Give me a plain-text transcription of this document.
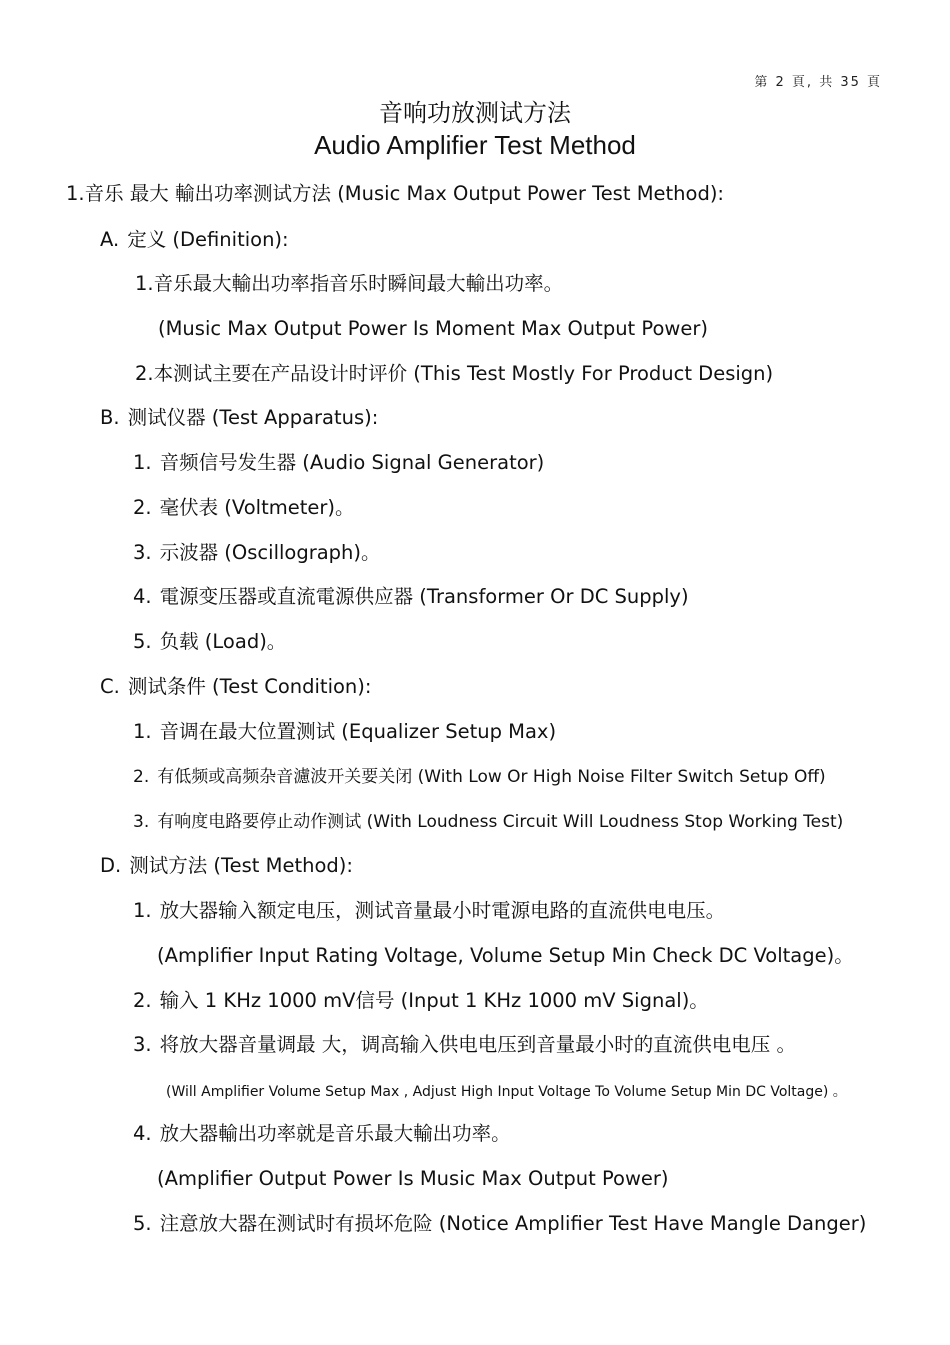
第 2 頁, 共 35 頁
音响功放测试方法
Audio Amplifier Test Method
1.音乐 最大 輸出功率测试方法 (Music Max Output Power Test Method):
A. 定义 (Definition):
1.音乐最大輸出功率指音乐时瞬间最大輸出功率。
(Music Max Output Power Is Moment Max Output Power)
2.本测试主要在产品设计时评价 (This Test Mostly For Product Design)
B. 测试仪器 (Test Apparatus):
1. 音频信号发生器 (Audio Signal Generator)
2. 毫伏表 (Voltmeter)。
3. 示波器 (Oscillograph)。
4. 電源变压器或直流電源供应器 (Transformer Or DC Supply)
5. 负载 (Load)。
C. 测试条件 (Test Condition):
1. 音调在最大位置测试 (Equalizer Setup Max)
2. 有低频或高频杂音濾波开关要关闭 (With Low Or High Noise Filter Switch Setup Off)
3. 有响度电路要停止动作测试 (With Loudness Circuit Will Loudness Stop Working Test)
D. 测试方法 (Test Method):
1. 放大器输入额定电压，测试音量最小时電源电路的直流供电电压。
(Amplifier Input Rating Voltage, Volume Setup Min Check DC Voltage)。
2. 输入 1 KHz 1000 mV信号 (Input 1 KHz 1000 mV Signal)。
3. 将放大器音量调最 大，调高输入供电电压到音量最小时的直流供电电压 。
(Will Amplifier Volume Setup Max , Adjust High Input Voltage To Volume Setup Min DC Voltage) 。
4. 放大器輸出功率就是音乐最大輸出功率。
(Amplifier Output Power Is Music Max Output Power)
5. 注意放大器在测试时有损坏危险 (Notice Amplifier Test Have Mangle Danger)
